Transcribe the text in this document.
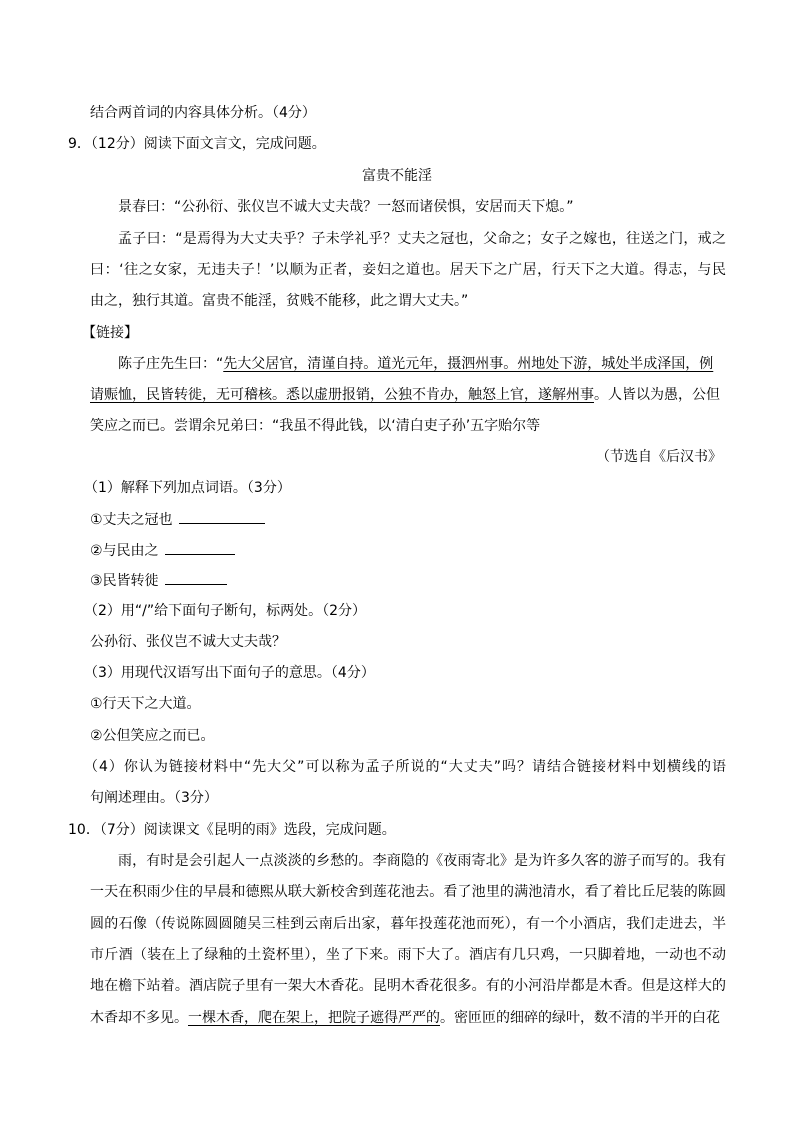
结合两首词的内容具体分析。（4分）
9．（12分）阅读下面文言文，完成问题。
富贵不能淫
景春曰：“公孙衍、张仪岂不诚大丈夫哉？一怒而诸侯惧，安居而天下熄。”
孟子曰：“是焉得为大丈夫乎？子未学礼乎？丈夫之冠也，父命之；女子之嫁也，往送之门，戒之
曰：‘往之女家，无违夫子！’以顺为正者，妾妇之道也。居天下之广居，行天下之大道。得志，与民
由之，独行其道。富贵不能淫，贫贱不能移，此之谓大丈夫。”
【链接】
陈子庄先生曰：“先大父居官，清谨自持。道光元年，摄泗州事。州地处下游，城处半成泽国，例
请赈恤，民皆转徙，无可稽核。悉以虚册报销，公独不肯办，触怒上官，遂解州事。人皆以为愚，公但
笑应之而已。尝谓余兄弟曰：“我虽不得此钱，以‘清白吏子孙’五字贻尔等
（节选自《后汉书》
（1）解释下列加点词语。（3分）
①丈夫之冠也
②与民由之
③民皆转徙
（2）用“/”给下面句子断句，标两处。（2分）
公孙衍、张仪岂不诚大丈夫哉？
（3）用现代汉语写出下面句子的意思。（4分）
①行天下之大道。
②公但笑应之而已。
（4）你认为链接材料中“先大父”可以称为孟子所说的“大丈夫”吗？请结合链接材料中划横线的语
句阐述理由。（3分）
10．（7分）阅读课文《昆明的雨》选段，完成问题。
雨，有时是会引起人一点淡淡的乡愁的。李商隐的《夜雨寄北》是为许多久客的游子而写的。我有
一天在积雨少住的早晨和德熙从联大新校舍到莲花池去。看了池里的满池清水，看了着比丘尼装的陈圆
圆的石像（传说陈圆圆随吴三桂到云南后出家，暮年投莲花池而死），有一个小酒店，我们走进去，半
市斤酒（装在上了绿釉的土瓷杯里），坐了下来。雨下大了。酒店有几只鸡，一只脚着地，一动也不动
地在檐下站着。酒店院子里有一架大木香花。昆明木香花很多。有的小河沿岸都是木香。但是这样大的
木香却不多见。一棵木香，爬在架上，把院子遮得严严的。密匝匝的细碎的绿叶，数不清的半开的白花
